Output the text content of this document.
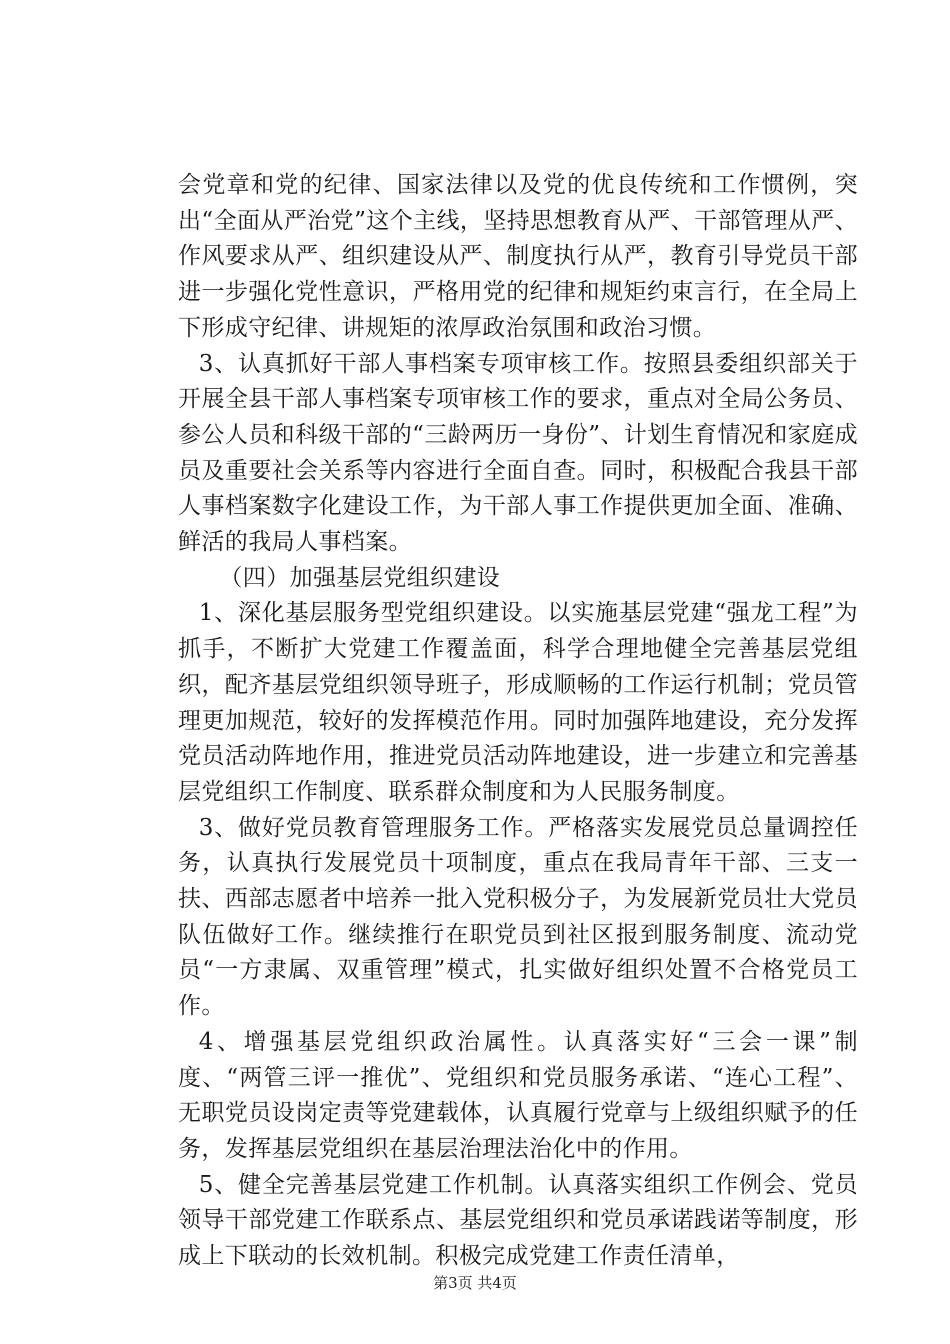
会党章和党的纪律、国家法律以及党的优良传统和工作惯例，突出“全面从严治党”这个主线，坚持思想教育从严、干部管理从严、作风要求从严、组织建设从严、制度执行从严，教育引导党员干部进一步强化党性意识，严格用党的纪律和规矩约束言行，在全局上下形成守纪律、讲规矩的浓厚政治氛围和政治习惯。

3、认真抓好干部人事档案专项审核工作。按照县委组织部关于开展全县干部人事档案专项审核工作的要求，重点对全局公务员、参公人员和科级干部的“三龄两历一身份”、计划生育情况和家庭成员及重要社会关系等内容进行全面自查。同时，积极配合我县干部人事档案数字化建设工作，为干部人事工作提供更加全面、准确、鲜活的我局人事档案。

（四）加强基层党组织建设

1、深化基层服务型党组织建设。以实施基层党建“强龙工程”为抓手，不断扩大党建工作覆盖面，科学合理地健全完善基层党组织，配齐基层党组织领导班子，形成顺畅的工作运行机制；党员管理更加规范，较好的发挥模范作用。同时加强阵地建设，充分发挥党员活动阵地作用，推进党员活动阵地建设，进一步建立和完善基层党组织工作制度、联系群众制度和为人民服务制度。

3、做好党员教育管理服务工作。严格落实发展党员总量调控任务，认真执行发展党员十项制度，重点在我局青年干部、三支一扶、西部志愿者中培养一批入党积极分子，为发展新党员壮大党员队伍做好工作。继续推行在职党员到社区报到服务制度、流动党员“一方隶属、双重管理”模式，扎实做好组织处置不合格党员工作。

4、增强基层党组织政治属性。认真落实好“三会一课”制度、“两管三评一推优”、党组织和党员服务承诺、“连心工程”、无职党员设岗定责等党建载体，认真履行党章与上级组织赋予的任务，发挥基层党组织在基层治理法治化中的作用。

5、健全完善基层党建工作机制。认真落实组织工作例会、党员领导干部党建工作联系点、基层党组织和党员承诺践诺等制度，形成上下联动的长效机制。积极完成党建工作责任清单，

第3页 共4页
